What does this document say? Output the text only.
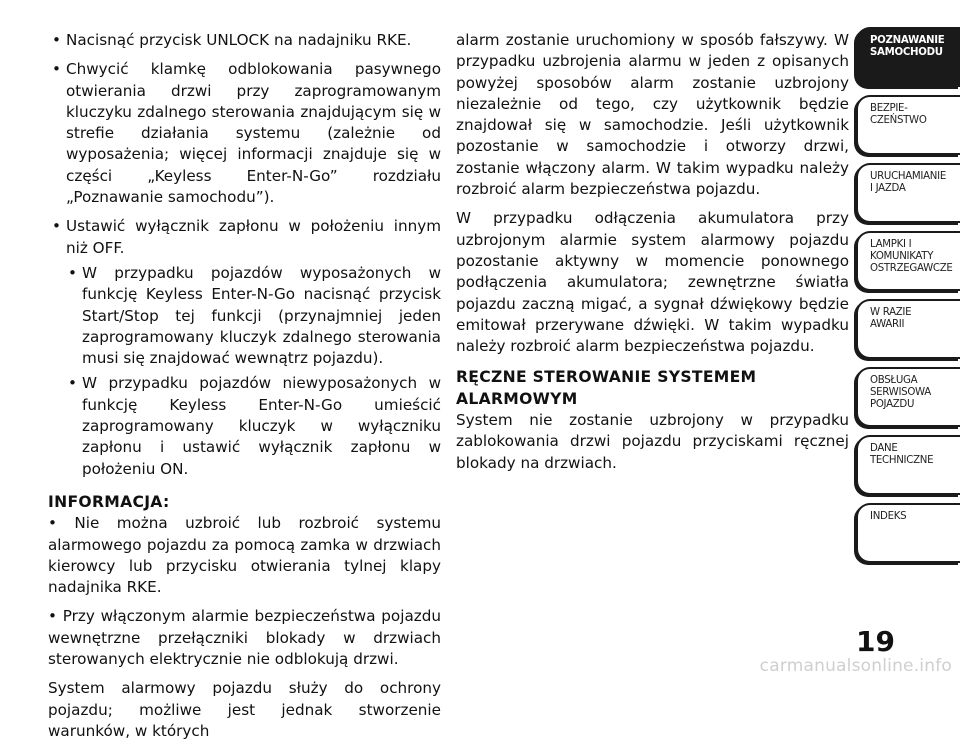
• Nacisnąć przycisk UNLOCK na nadajniku RKE.
• Chwycić klamkę odblokowania pasywnego otwierania drzwi przy zaprogramowanym kluczyku zdalnego sterowania znajdującym się w strefie działania systemu (zależnie od wyposażenia; więcej informacji znajduje się w części „Keyless Enter-N-Go” rozdziału „Poznawanie samochodu”).
• Ustawić wyłącznik zapłonu w położeniu innym niż OFF.
• W przypadku pojazdów wyposażonych w funkcję Keyless Enter-N-Go nacisnąć przycisk Start/Stop tej funkcji (przynajmniej jeden zaprogramowany kluczyk zdalnego sterowania musi się znajdować wewnątrz pojazdu).
• W przypadku pojazdów niewyposażonych w funkcję Keyless Enter-N-Go umieścić zaprogramowany kluczyk w wyłączniku zapłonu i ustawić wyłącznik zapłonu w położeniu ON.
INFORMACJA:
• Nie można uzbroić lub rozbroić systemu alarmowego pojazdu za pomocą zamka w drzwiach kierowcy lub przycisku otwierania tylnej klapy nadajnika RKE.
• Przy włączonym alarmie bezpieczeństwa pojazdu wewnętrzne przełączniki blokady w drzwiach sterowanych elektrycznie nie odblokują drzwi.
System alarmowy pojazdu służy do ochrony pojazdu; możliwe jest jednak stworzenie warunków, w których
alarm zostanie uruchomiony w sposób fałszywy. W przypadku uzbrojenia alarmu w jeden z opisanych powyżej sposobów alarm zostanie uzbrojony niezależnie od tego, czy użytkownik będzie znajdował się w samochodzie. Jeśli użytkownik pozostanie w samochodzie i otworzy drzwi, zostanie włączony alarm. W takim wypadku należy rozbroić alarm bezpieczeństwa pojazdu.
W przypadku odłączenia akumulatora przy uzbrojonym alarmie system alarmowy pojazdu pozostanie aktywny w momencie ponownego podłączenia akumulatora; zewnętrzne światła pojazdu zaczną migać, a sygnał dźwiękowy będzie emitował przerywane dźwięki. W takim wypadku należy rozbroić alarm bezpieczeństwa pojazdu.
RĘCZNE STEROWANIE SYSTEMEM ALARMOWYM
System nie zostanie uzbrojony w przypadku zablokowania drzwi pojazdu przyciskami ręcznej blokady na drzwiach.
POZNAWANIE
SAMOCHODU
BEZPIE-
CZEŃSTWO
URUCHAMIANIE
I JAZDA
LAMPKI I
KOMUNIKATY
OSTRZEGAWCZE
W RAZIE
AWARII
OBSŁUGA
SERWISOWA
POJAZDU
DANE
TECHNICZNE
INDEKS
19
carmanualsonline.info
